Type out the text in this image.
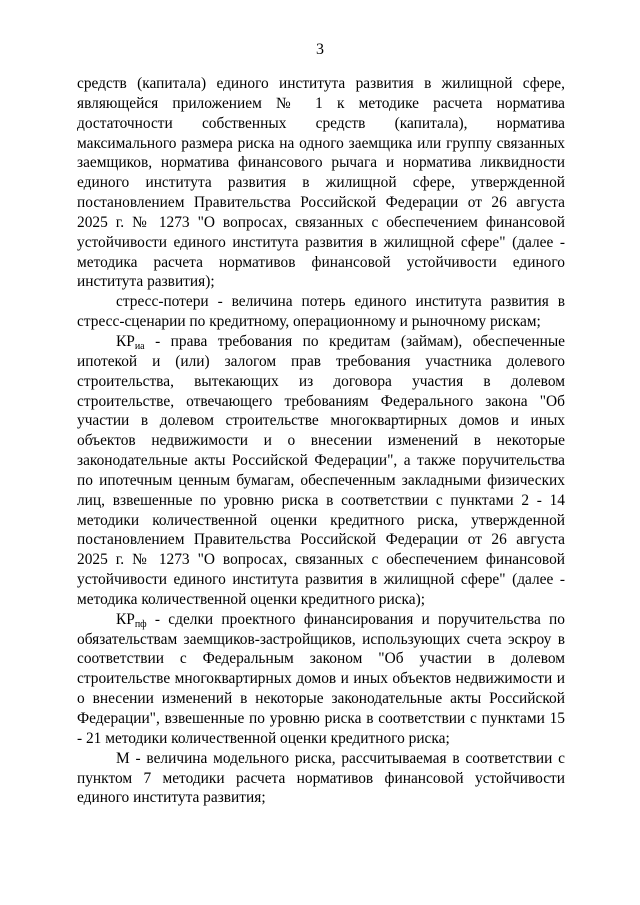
3

средств (капитала) единого института развития в жилищной сфере, являющейся приложением № 1 к методике расчета норматива достаточности собственных средств (капитала), норматива максимального размера риска на одного заемщика или группу связанных заемщиков, норматива финансового рычага и норматива ликвидности единого института развития в жилищной сфере, утвержденной постановлением Правительства Российской Федерации от 26 августа 2025 г. № 1273 "О вопросах, связанных с обеспечением финансовой устойчивости единого института развития в жилищной сфере" (далее - методика расчета нормативов финансовой устойчивости единого института развития);

стресс-потери - величина потерь единого института развития в стресс-сценарии по кредитному, операционному и рыночному рискам;

КРиа - права требования по кредитам (займам), обеспеченные ипотекой и (или) залогом прав требования участника долевого строительства, вытекающих из договора участия в долевом строительстве, отвечающего требованиям Федерального закона "Об участии в долевом строительстве многоквартирных домов и иных объектов недвижимости и о внесении изменений в некоторые законодательные акты Российской Федерации", а также поручительства по ипотечным ценным бумагам, обеспеченным закладными физических лиц, взвешенные по уровню риска в соответствии с пунктами 2 - 14 методики количественной оценки кредитного риска, утвержденной постановлением Правительства Российской Федерации от 26 августа 2025 г. № 1273 "О вопросах, связанных с обеспечением финансовой устойчивости единого института развития в жилищной сфере" (далее - методика количественной оценки кредитного риска);

КРпф - сделки проектного финансирования и поручительства по обязательствам заемщиков-застройщиков, использующих счета эскроу в соответствии с Федеральным законом "Об участии в долевом строительстве многоквартирных домов и иных объектов недвижимости и о внесении изменений в некоторые законодательные акты Российской Федерации", взвешенные по уровню риска в соответствии с пунктами 15 - 21 методики количественной оценки кредитного риска;

М - величина модельного риска, рассчитываемая в соответствии с пунктом 7 методики расчета нормативов финансовой устойчивости единого института развития;
